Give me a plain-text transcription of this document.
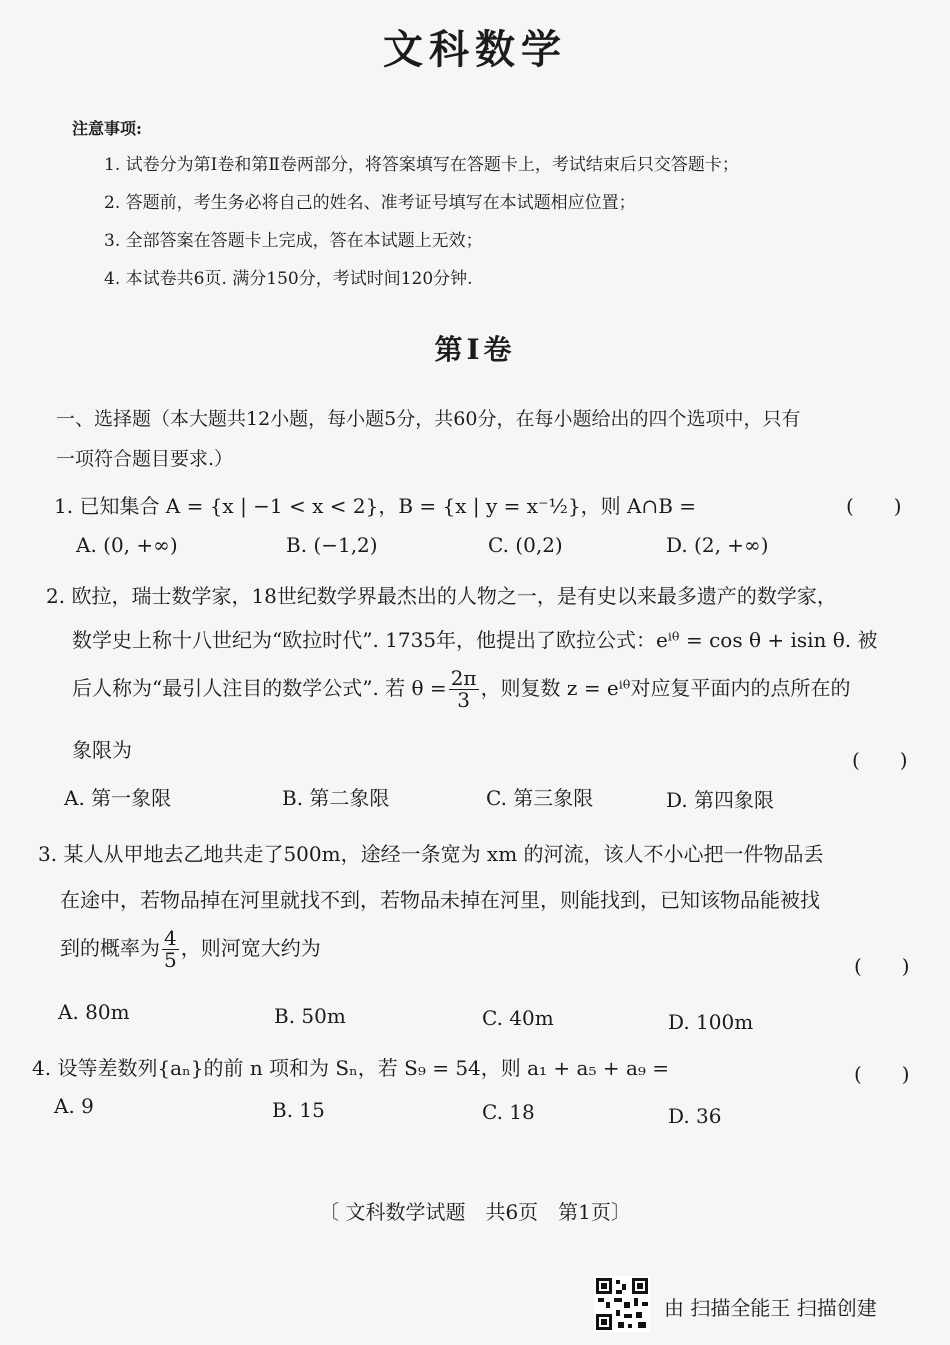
文科数学
注意事项:
1. 试卷分为第Ⅰ卷和第Ⅱ卷两部分，将答案填写在答题卡上，考试结束后只交答题卡；
2. 答题前，考生务必将自己的姓名、准考证号填写在本试题相应位置；
3. 全部答案在答题卡上完成，答在本试题上无效；
4. 本试卷共6页. 满分150分，考试时间120分钟.
第Ⅰ卷
一、选择题（本大题共12小题，每小题5分，共60分，在每小题给出的四个选项中，只有
一项符合题目要求.）
1. 已知集合 A = {x | −1 < x < 2}，B = {x | y = x⁻½}，则 A∩B =	(　　)
A. (0, +∞)	B. (−1,2)	C. (0,2)	D. (2, +∞)
2. 欧拉，瑞士数学家，18世纪数学界最杰出的人物之一，是有史以来最多遗产的数学家，
数学史上称十八世纪为“欧拉时代”. 1735年，他提出了欧拉公式：eⁱᶿ = cos θ + isin θ. 被
后人称为“最引人注目的数学公式”. 若 $\theta = \frac{2\pi}{3}$ ，则复数 z = eⁱᶿ对应复平面内的点所在的
象限为	(　　)
A. 第一象限	B. 第二象限	C. 第三象限	D. 第四象限
3. 某人从甲地去乙地共走了500m，途经一条宽为 xm 的河流，该人不小心把一件物品丢
在途中，若物品掉在河里就找不到，若物品未掉在河里，则能找到，已知该物品能被找
到的概率为 $\frac{4}{5}$ ，则河宽大约为
(　　)
A. 80m	B. 50m	C. 40m	D. 100m
4. 设等差数列{aₙ}的前 n 项和为 Sₙ，若 S₉ = 54，则 a₁ + a₅ + a₉ =	(　　)
A. 9	B. 15	C. 18	D. 36
〔 文科数学试题　共6页　第1页〕
由 扫描全能王 扫描创建
